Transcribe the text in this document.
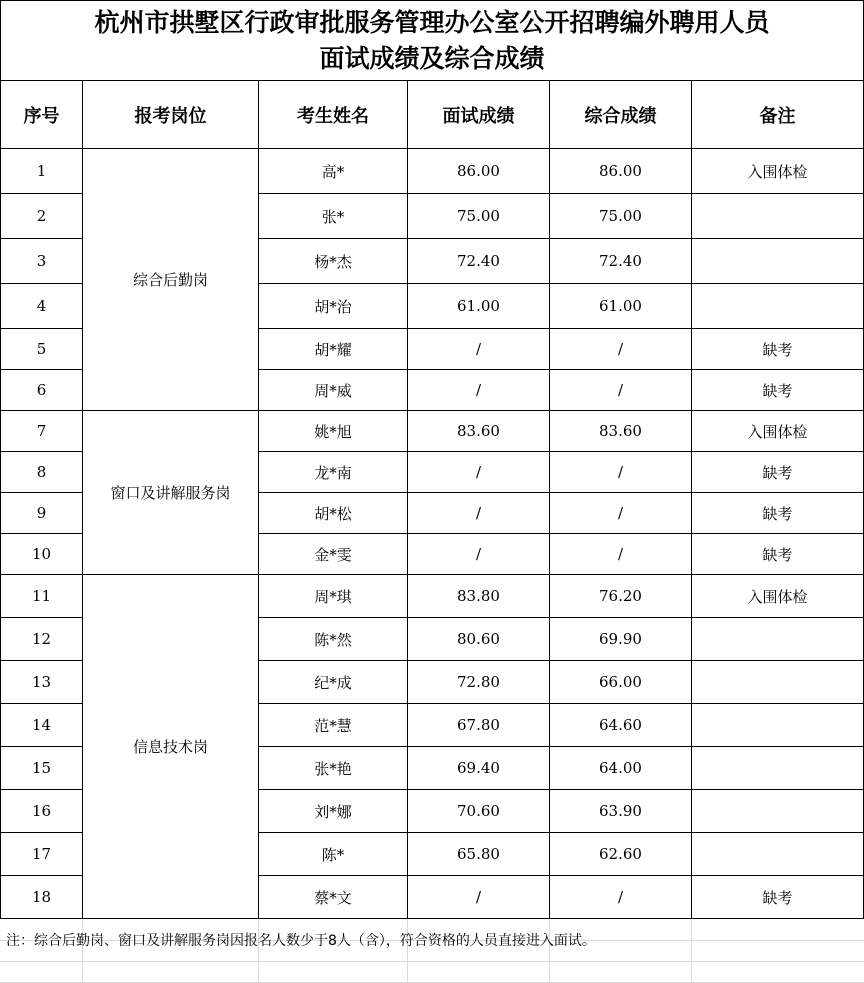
杭州市拱墅区行政审批服务管理办公室公开招聘编外聘用人员
面试成绩及综合成绩					

序号	报考岗位	考生姓名	面试成绩	综合成绩	备注
1	综合后勤岗	高*	86.00	86.00	入围体检
2		张*	75.00	75.00	
3		杨*杰	72.40	72.40	
4		胡*治	61.00	61.00	
5		胡*耀	/	/	缺考
6		周*威	/	/	缺考
7	窗口及讲解服务岗	姚*旭	83.60	83.60	入围体检
8		龙*南	/	/	缺考
9		胡*松	/	/	缺考
10		金*雯	/	/	缺考
11	信息技术岗	周*琪	83.80	76.20	入围体检
12		陈*然	80.60	69.90	
13		纪*成	72.80	66.00	
14		范*慧	67.80	64.60	
15		张*艳	69.40	64.00	
16		刘*娜	70.60	63.90	
17		陈*	65.80	62.60	
18		蔡*文	/	/	缺考
注：综合后勤岗、窗口及讲解服务岗因报名人数少于8人（含），符合资格的人员直接进入面试。
